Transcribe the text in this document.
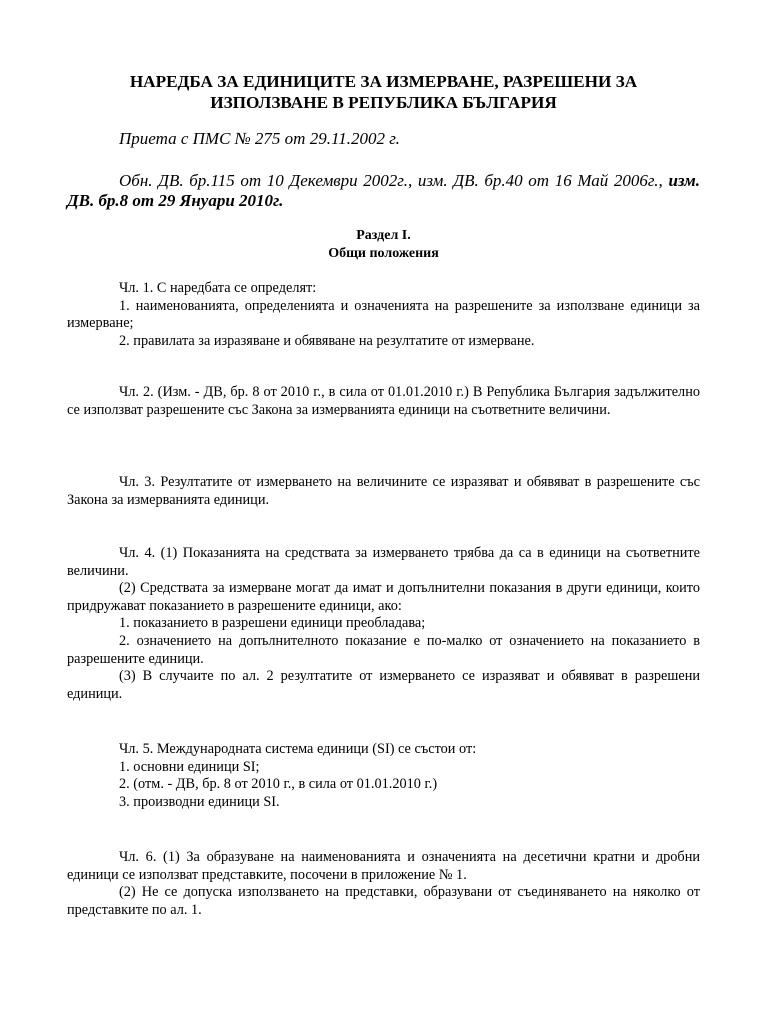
НАРЕДБА ЗА ЕДИНИЦИТЕ ЗА ИЗМЕРВАНЕ, РАЗРЕШЕНИ ЗА
ИЗПОЛЗВАНЕ В РЕПУБЛИКА БЪЛГАРИЯ

Приета с ПМС № 275 от 29.11.2002 г.

Обн. ДВ. бр.115 от 10 Декември 2002г., изм. ДВ. бр.40 от 16 Май 2006г., изм. ДВ. бр.8 от 29 Януари 2010г.

Раздел I.
Общи положения

Чл. 1. С наредбата се определят:

1. наименованията, определенията и означенията на разрешените за използване единици за измерване;

2. правилата за изразяване и обявяване на резултатите от измерване.

Чл. 2. (Изм. - ДВ, бр. 8 от 2010 г., в сила от 01.01.2010 г.) В Република България задължително се използват разрешените със Закона за измерванията единици на съответните величини.

Чл. 3. Резултатите от измерването на величините се изразяват и обявяват в разрешените със Закона за измерванията единици.

Чл. 4. (1) Показанията на средствата за измерването трябва да са в единици на съответните величини.

(2) Средствата за измерване могат да имат и допълнителни показания в други единици, които придружават показанието в разрешените единици, ако:

1. показанието в разрешени единици преобладава;

2. означението на допълнителното показание е по-малко от означението на показанието в разрешените единици.

(3) В случаите по ал. 2 резултатите от измерването се изразяват и обявяват в разрешени единици.

Чл. 5. Международната система единици (SI) се състои от:

1. основни единици SI;

2. (отм. - ДВ, бр. 8 от 2010 г., в сила от 01.01.2010 г.)

3. производни единици SI.

Чл. 6. (1) За образуване на наименованията и означенията на десетични кратни и дробни единици се използват представките, посочени в приложение № 1.

(2) Не се допуска използването на представки, образувани от съединяването на няколко от представките по ал. 1.
